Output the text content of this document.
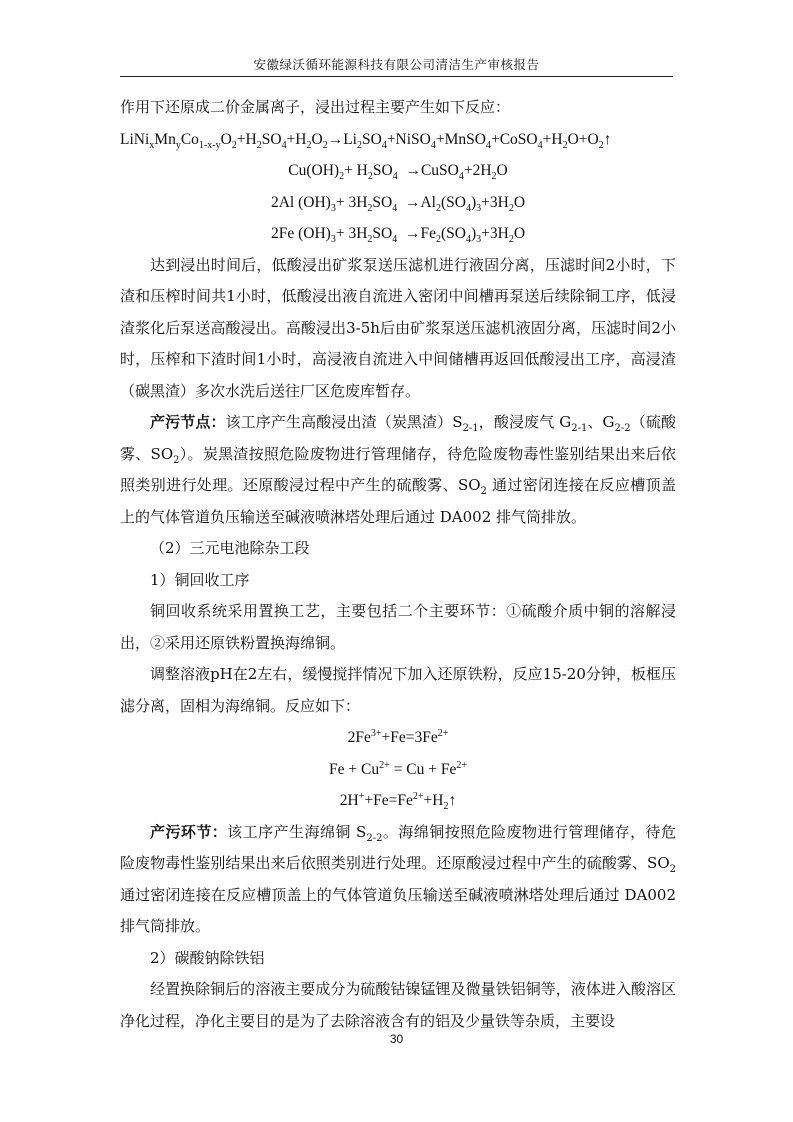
安徽绿沃循环能源科技有限公司清洁生产审核报告

作用下还原成二价金属离子，浸出过程主要产生如下反应：

$LiNi_xMn_yCo_{1-x-y}O_2+H_2SO_4+H_2O_2\to Li_2SO_4+NiSO_4+MnSO_4+CoSO_4+H_2O+O_2↑$

$Cu(OH)_2+ H_2SO_4$  $\to CuSO_4+2H_2O$

2Al $(OH)_3+ 3H_2SO_4 \to Al_2(SO_4)_3+3H_2O$

2Fe $(OH)_3+ 3H_2SO_4 \to Fe_2(SO_4)_3+3H_2O$

达到浸出时间后，低酸浸出矿浆泵送压滤机进行液固分离，压滤时间2小时，下渣和压榨时间共1小时，低酸浸出液自流进入密闭中间槽再泵送后续除铜工序，低浸渣浆化后泵送高酸浸出。高酸浸出3-5h后由矿浆泵送压滤机液固分离，压滤时间2小时，压榨和下渣时间1小时，高浸液自流进入中间储槽再返回低酸浸出工序，高浸渣（碳黑渣）多次水洗后送往厂区危废库暂存。

产污节点：该工序产生高酸浸出渣（炭黑渣）$S_{2-1}$，酸浸废气 $G_{2-1}$、$G_{2-2}$（硫酸雾、$SO_2$）。炭黑渣按照危险废物进行管理储存，待危险废物毒性鉴别结果出来后依照类别进行处理。还原酸浸过程中产生的硫酸雾、$SO_2$ 通过密闭连接在反应槽顶盖上的气体管道负压输送至碱液喷淋塔处理后通过 DA002 排气筒排放。

（2）三元电池除杂工段

1）铜回收工序

铜回收系统采用置换工艺，主要包括二个主要环节：①硫酸介质中铜的溶解浸出，②采用还原铁粉置换海绵铜。

调整溶液pH在2左右，缓慢搅拌情况下加入还原铁粉，反应15-20分钟，板框压滤分离，固相为海绵铜。反应如下：

$2Fe^{3+}+Fe=3Fe^{2+}$

$Fe + Cu^{2+} = Cu + Fe^{2+}$

$2H^++Fe=Fe^{2+}+H_2↑$

产污环节：该工序产生海绵铜 $S_{2-2}$。海绵铜按照危险废物进行管理储存，待危险废物毒性鉴别结果出来后依照类别进行处理。还原酸浸过程中产生的硫酸雾、$SO_2$ 通过密闭连接在反应槽顶盖上的气体管道负压输送至碱液喷淋塔处理后通过 DA002 排气筒排放。

2）碳酸钠除铁铝

经置换除铜后的溶液主要成分为硫酸钴镍锰锂及微量铁铝铜等，液体进入酸溶区净化过程，净化主要目的是为了去除溶液含有的铝及少量铁等杂质，主要设

30
